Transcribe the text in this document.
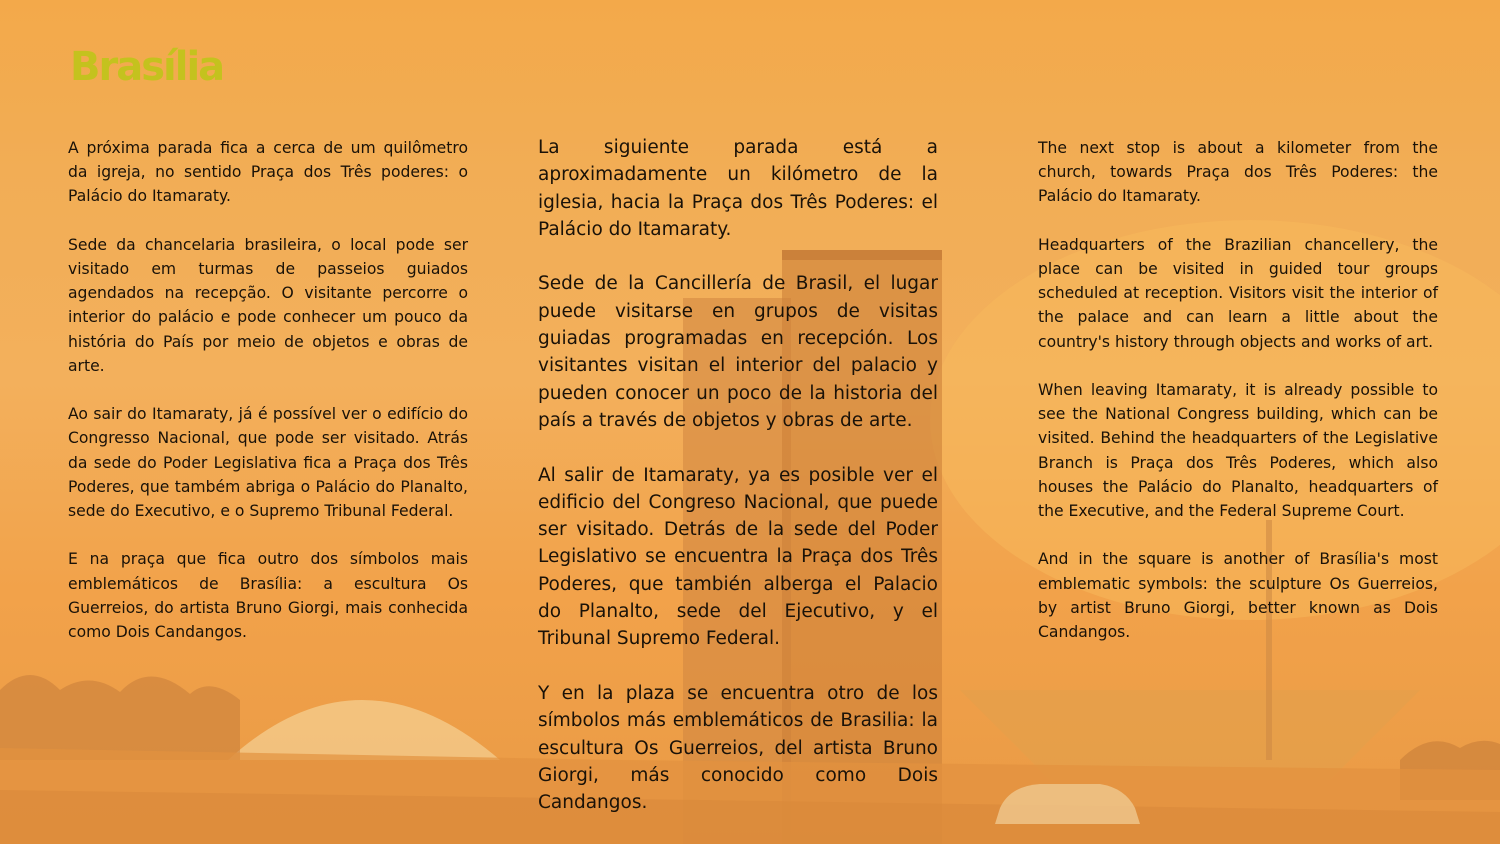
Brasília

A próxima parada fica a cerca de um quilômetro da igreja, no sentido Praça dos Três poderes: o Palácio do Itamaraty.

Sede da chancelaria brasileira, o local pode ser visitado em turmas de passeios guiados agendados na recepção. O visitante percorre o interior do palácio e pode conhecer um pouco da história do País por meio de objetos e obras de arte.

Ao sair do Itamaraty, já é possível ver o edifício do Congresso Nacional, que pode ser visitado. Atrás da sede do Poder Legislativa fica a Praça dos Três Poderes, que também abriga o Palácio do Planalto, sede do Executivo, e o Supremo Tribunal Federal.

E na praça que fica outro dos símbolos mais emblemáticos de Brasília: a escultura Os Guerreios, do artista Bruno Giorgi, mais conhecida como Dois Candangos.

La siguiente parada está a aproximadamente un kilómetro de la iglesia, hacia la Praça dos Três Poderes: el Palácio do Itamaraty.

Sede de la Cancillería de Brasil, el lugar puede visitarse en grupos de visitas guiadas programadas en recepción. Los visitantes visitan el interior del palacio y pueden conocer un poco de la historia del país a través de objetos y obras de arte.

Al salir de Itamaraty, ya es posible ver el edificio del Congreso Nacional, que puede ser visitado. Detrás de la sede del Poder Legislativo se encuentra la Praça dos Três Poderes, que también alberga el Palacio do Planalto, sede del Ejecutivo, y el Tribunal Supremo Federal.

Y en la plaza se encuentra otro de los símbolos más emblemáticos de Brasilia: la escultura Os Guerreios, del artista Bruno Giorgi, más conocido como Dois Candangos.

The next stop is about a kilometer from the church, towards Praça dos Três Poderes: the Palácio do Itamaraty.

Headquarters of the Brazilian chancellery, the place can be visited in guided tour groups scheduled at reception. Visitors visit the interior of the palace and can learn a little about the country's history through objects and works of art.

When leaving Itamaraty, it is already possible to see the National Congress building, which can be visited. Behind the headquarters of the Legislative Branch is Praça dos Três Poderes, which also houses the Palácio do Planalto, headquarters of the Executive, and the Federal Supreme Court.

And in the square is another of Brasília's most emblematic symbols: the sculpture Os Guerreios, by artist Bruno Giorgi, better known as Dois Candangos.
